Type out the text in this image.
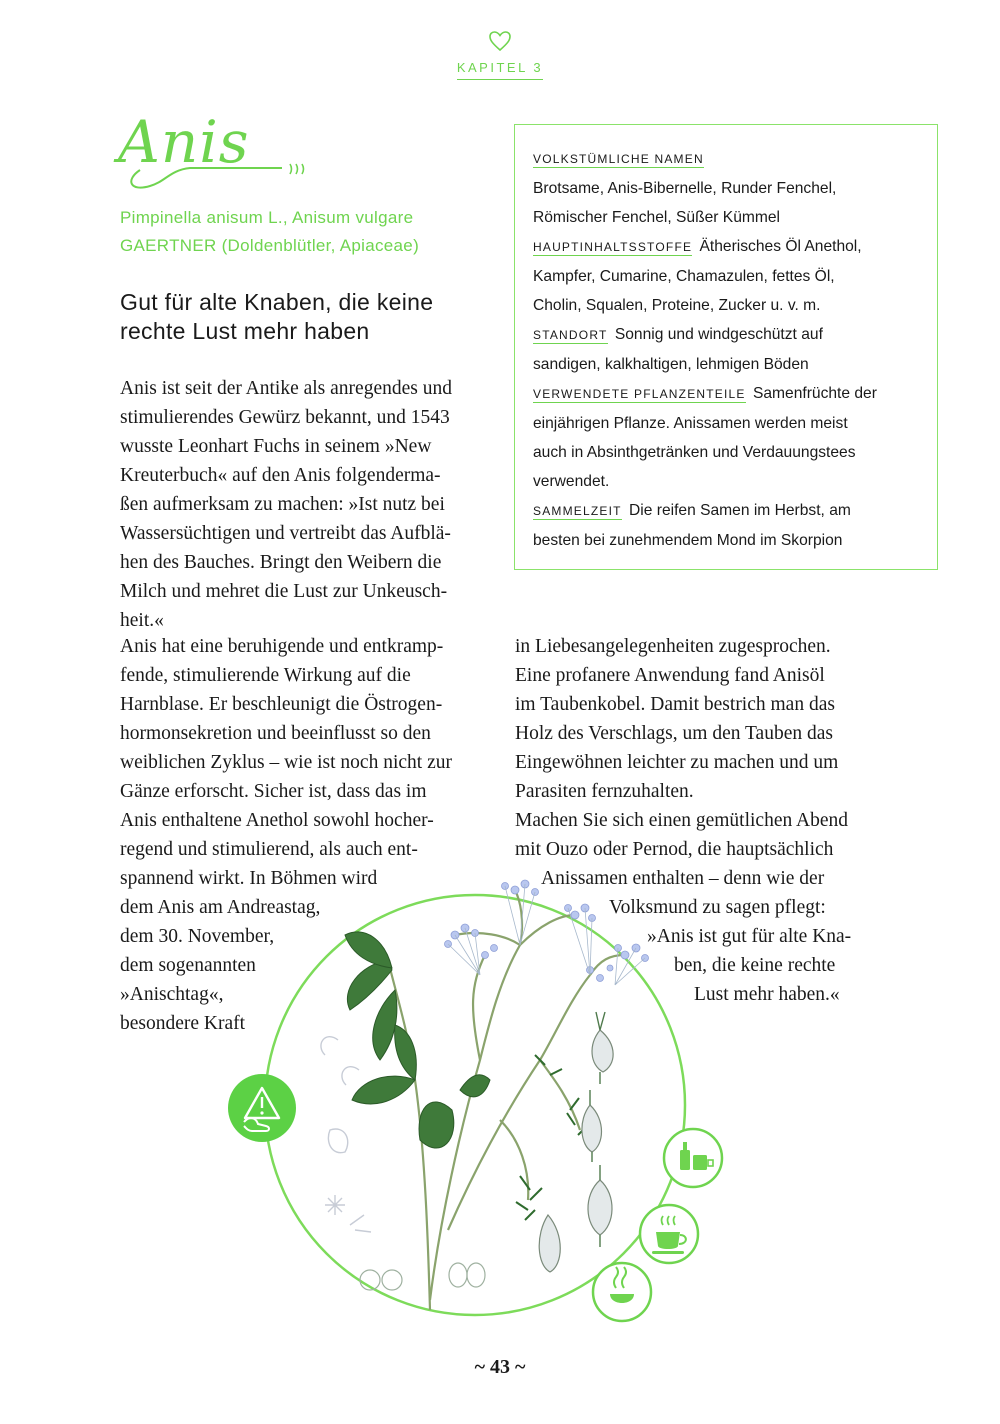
KAPITEL 3
Anis
Pimpinella anisum L., Anisum vulgare
GAERTNER (Doldenblütler, Apiaceae)
Gut für alte Knaben, die keine
rechte Lust mehr haben
Anis ist seit der Antike als anregendes und
stimulierendes Gewürz bekannt, und 1543
wusste Leonhart Fuchs in seinem »New
Kreuterbuch« auf den Anis folgenderma-
ßen aufmerksam zu machen: »Ist nutz bei
Wassersüchtigen und vertreibt das Aufblä-
hen des Bauches. Bringt den Weibern die
Milch und mehret die Lust zur Unkeusch-
heit.«
VOLKSTÜMLICHE NAMEN
Brotsame, Anis-Bibernelle, Runder Fenchel,
Römischer Fenchel, Süßer Kümmel
HAUPTINHALTSSTOFFE Ätherisches Öl Anethol,
Kampfer, Cumarine, Chamazulen, fettes Öl,
Cholin, Squalen, Proteine, Zucker u. v. m.
STANDORT Sonnig und windgeschützt auf
sandigen, kalkhaltigen, lehmigen Böden
VERWENDETE PFLANZENTEILE Samenfrüchte der
einjährigen Pflanze. Anissamen werden meist
auch in Absinthgetränken und Verdauungstees
verwendet.
SAMMELZEIT Die reifen Samen im Herbst, am
besten bei zunehmendem Mond im Skorpion
Anis hat eine beruhigende und entkramp-
fende, stimulierende Wirkung auf die
Harnblase. Er beschleunigt die Östrogen-
hormonsekretion und beeinflusst so den
weiblichen Zyklus – wie ist noch nicht zur
Gänze erforscht. Sicher ist, dass das im
Anis enthaltene Anethol sowohl hocher-
regend und stimulierend, als auch ent-
spannend wirkt. In Böhmen wird
dem Anis am Andreastag,
dem 30. November,
dem sogenannten
»Anischtag«,
besondere Kraft
in Liebesangelegenheiten zugesprochen.
Eine profanere Anwendung fand Anisöl
im Taubenkobel. Damit bestrich man das
Holz des Verschlags, um den Tauben das
Eingewöhnen leichter zu machen und um
Parasiten fernzuhalten.
Machen Sie sich einen gemütlichen Abend
mit Ouzo oder Pernod, die hauptsächlich
Anissamen enthalten – denn wie der
Volksmund zu sagen pflegt:
»Anis ist gut für alte Kna-
ben, die keine rechte
Lust mehr haben.«
~ 43 ~
